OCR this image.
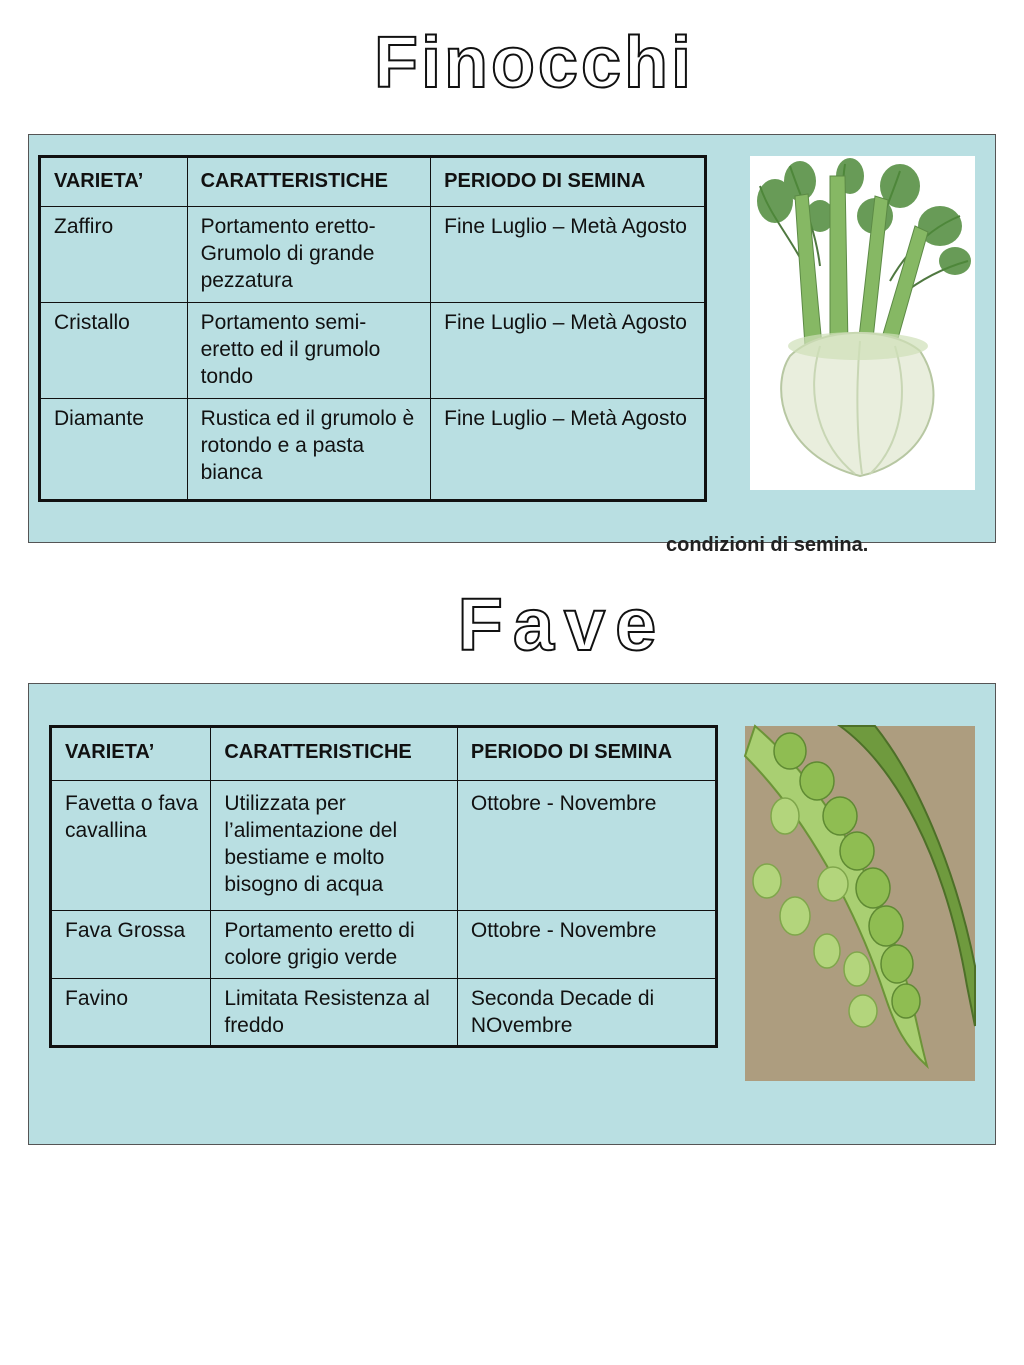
Finocchi
VARIETA’	CARATTERISTICHE	PERIODO DI SEMINA
Zaffiro	Portamento eretto- Grumolo di grande pezzatura	Fine Luglio – Metà Agosto
Cristallo	Portamento semi-eretto ed il grumolo tondo	Fine Luglio – Metà Agosto
Diamante	Rustica ed il grumolo è rotondo e a pasta bianca	Fine Luglio – Metà Agosto
condizioni di semina.
Fave
VARIETA’	CARATTERISTICHE	PERIODO DI SEMINA
Favetta o fava cavallina	Utilizzata per l’alimentazione del bestiame e molto bisogno di acqua	Ottobre - Novembre
Fava Grossa	Portamento eretto di colore grigio verde	Ottobre - Novembre
Favino	Limitata Resistenza al freddo	Seconda Decade di NOvembre
